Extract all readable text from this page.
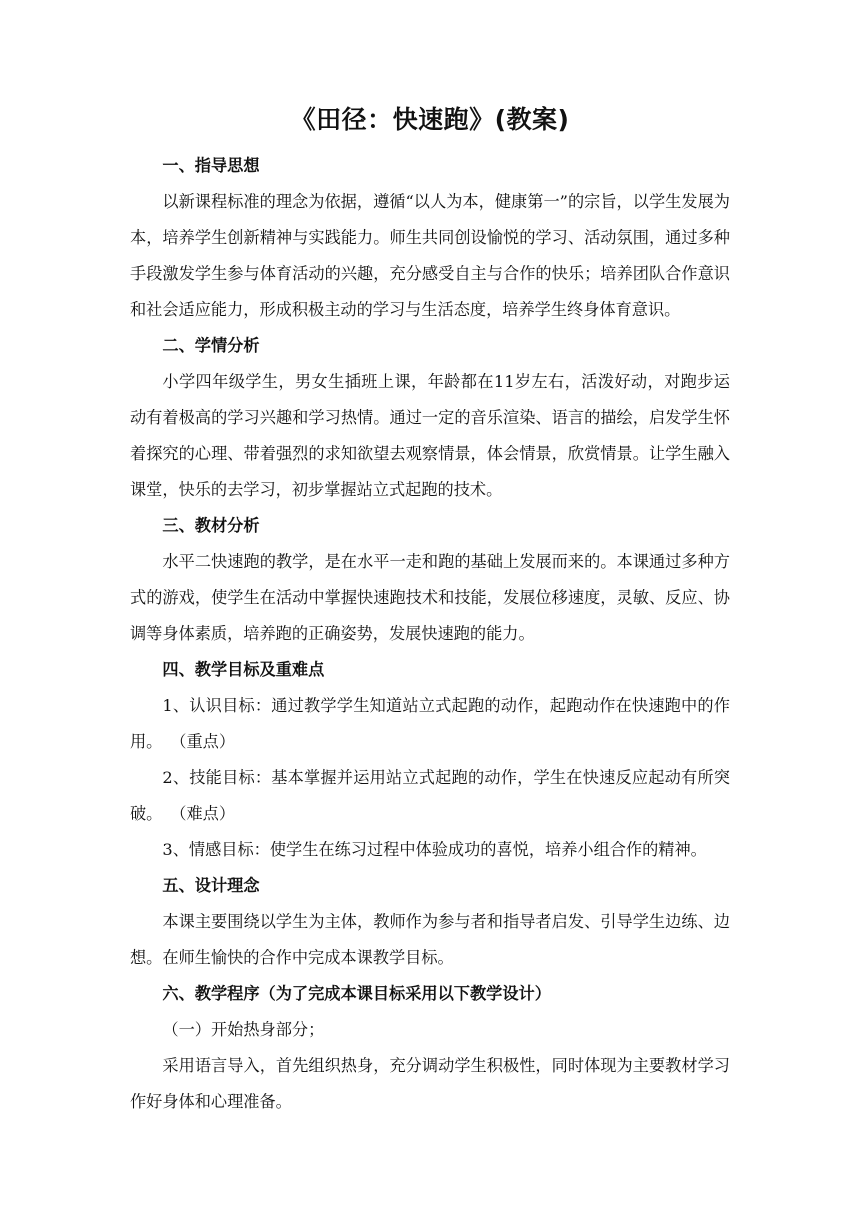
《田径：快速跑》(教案)
一、指导思想

以新课程标准的理念为依据，遵循“以人为本，健康第一”的宗旨，以学生发展为本，培养学生创新精神与实践能力。师生共同创设愉悦的学习、活动氛围，通过多种手段激发学生参与体育活动的兴趣，充分感受自主与合作的快乐；培养团队合作意识和社会适应能力，形成积极主动的学习与生活态度，培养学生终身体育意识。

二、学情分析

小学四年级学生，男女生插班上课，年龄都在11岁左右，活泼好动，对跑步运动有着极高的学习兴趣和学习热情。通过一定的音乐渲染、语言的描绘，启发学生怀着探究的心理、带着强烈的求知欲望去观察情景，体会情景，欣赏情景。让学生融入课堂，快乐的去学习，初步掌握站立式起跑的技术。

三、教材分析

水平二快速跑的教学，是在水平一走和跑的基础上发展而来的。本课通过多种方式的游戏，使学生在活动中掌握快速跑技术和技能，发展位移速度，灵敏、反应、协调等身体素质，培养跑的正确姿势，发展快速跑的能力。

四、教学目标及重难点

1、认识目标：通过教学学生知道站立式起跑的动作，起跑动作在快速跑中的作用。 （重点）

2、技能目标：基本掌握并运用站立式起跑的动作，学生在快速反应起动有所突破。 （难点）

3、情感目标：使学生在练习过程中体验成功的喜悦，培养小组合作的精神。

五、设计理念

本课主要围绕以学生为主体，教师作为参与者和指导者启发、引导学生边练、边想。在师生愉快的合作中完成本课教学目标。

六、教学程序（为了完成本课目标采用以下教学设计）

（一）开始热身部分；

采用语言导入，首先组织热身，充分调动学生积极性，同时体现为主要教材学习作好身体和心理准备。
